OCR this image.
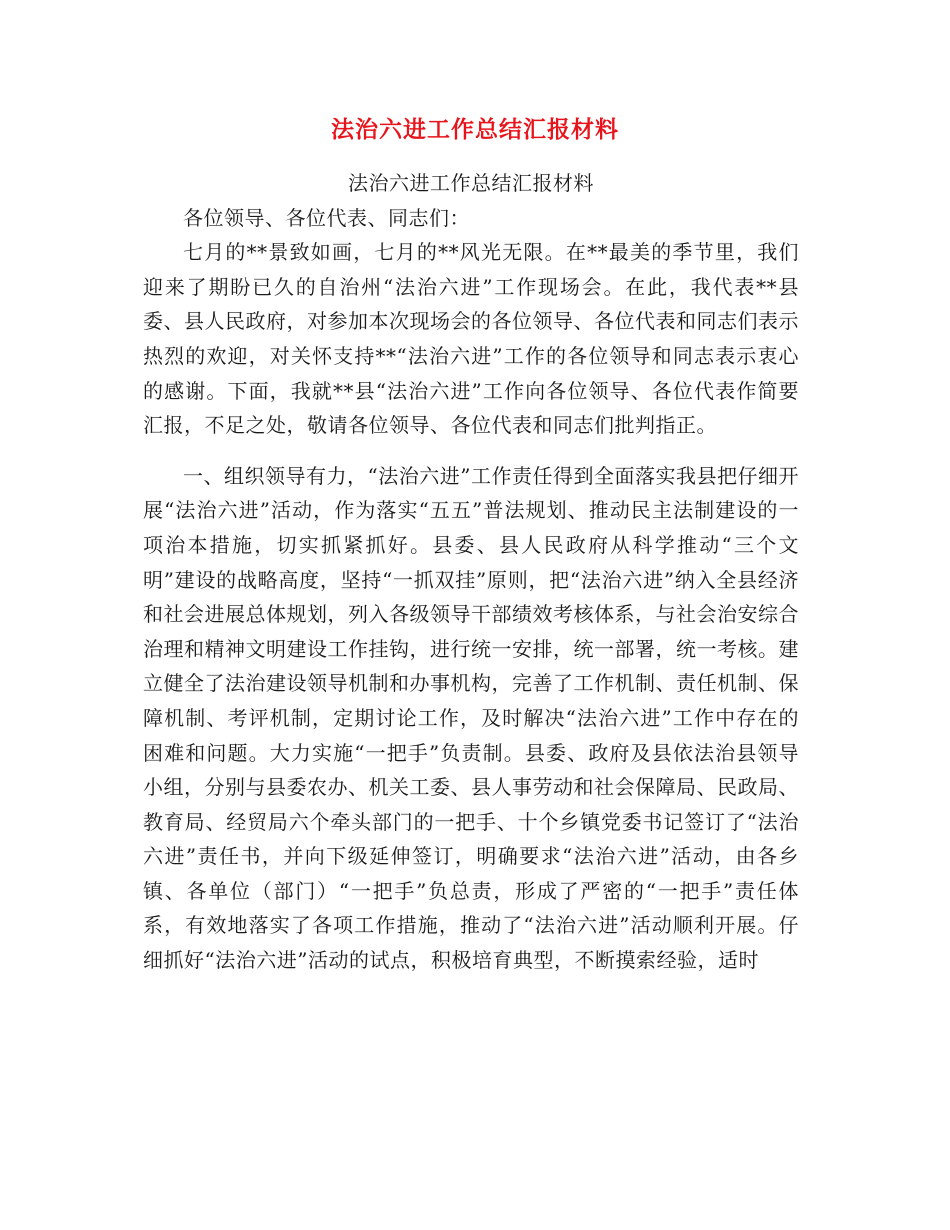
法治六进工作总结汇报材料

法治六进工作总结汇报材料

各位领导、各位代表、同志们：

七月的**景致如画，七月的**风光无限。在**最美的季节里，我们迎来了期盼已久的自治州“法治六进”工作现场会。在此，我代表**县委、县人民政府，对参加本次现场会的各位领导、各位代表和同志们表示热烈的欢迎，对关怀支持**“法治六进”工作的各位领导和同志表示衷心的感谢。下面，我就**县“法治六进”工作向各位领导、各位代表作简要汇报，不足之处，敬请各位领导、各位代表和同志们批判指正。

一、组织领导有力，“法治六进”工作责任得到全面落实我县把仔细开展“法治六进”活动，作为落实“五五”普法规划、推动民主法制建设的一项治本措施，切实抓紧抓好。县委、县人民政府从科学推动“三个文明”建设的战略高度，坚持“一抓双挂”原则，把“法治六进”纳入全县经济和社会进展总体规划，列入各级领导干部绩效考核体系，与社会治安综合治理和精神文明建设工作挂钩，进行统一安排，统一部署，统一考核。建立健全了法治建设领导机制和办事机构，完善了工作机制、责任机制、保障机制、考评机制，定期讨论工作，及时解决“法治六进”工作中存在的困难和问题。大力实施“一把手”负责制。县委、政府及县依法治县领导小组，分别与县委农办、机关工委、县人事劳动和社会保障局、民政局、教育局、经贸局六个牵头部门的一把手、十个乡镇党委书记签订了“法治六进”责任书，并向下级延伸签订，明确要求“法治六进”活动，由各乡镇、各单位（部门）“一把手”负总责，形成了严密的“一把手”责任体系，有效地落实了各项工作措施，推动了“法治六进”活动顺利开展。仔细抓好“法治六进”活动的试点，积极培育典型，不断摸索经验，适时
